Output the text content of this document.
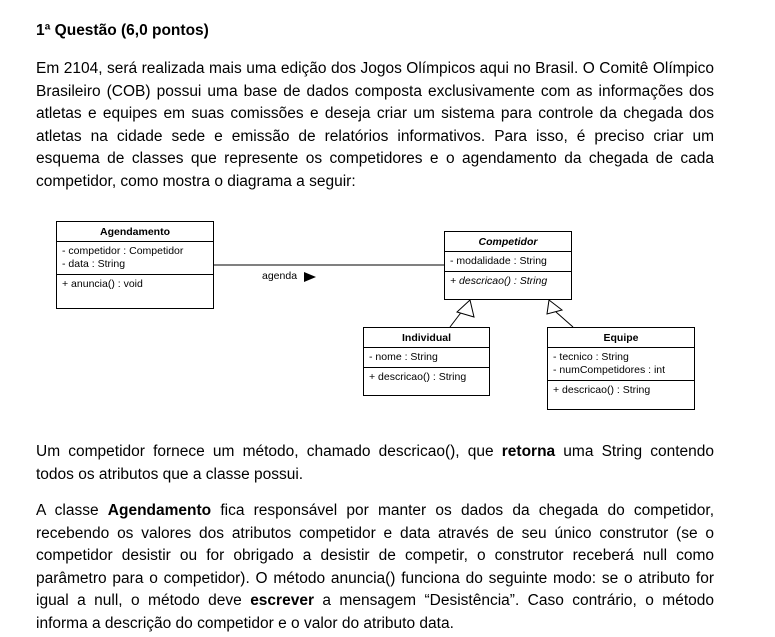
1ª Questão (6,0 pontos)
Em 2104, será realizada mais uma edição dos Jogos Olímpicos aqui no Brasil. O Comitê Olímpico Brasileiro (COB) possui uma base de dados composta exclusivamente com as informações dos atletas e equipes em suas comissões e deseja criar um sistema para controle da chegada dos atletas na cidade sede e emissão de relatórios informativos. Para isso, é preciso criar um esquema de classes que represente os competidores e o agendamento da chegada de cada competidor, como mostra o diagrama a seguir:
agenda
Agendamento
- competidor : Competidor
- data : String
+ anuncia() : void
Competidor
- modalidade : String
+ descricao() : String
Individual
- nome : String
+ descricao() : String
Equipe
- tecnico : String
- numCompetidores : int
+ descricao() : String
Um competidor fornece um método, chamado descricao(), que retorna uma String contendo todos os atributos que a classe possui.
A classe Agendamento fica responsável por manter os dados da chegada do competidor, recebendo os valores dos atributos competidor e data através de seu único construtor (se o competidor desistir ou for obrigado a desistir de competir, o construtor receberá null como parâmetro para o competidor). O método anuncia() funciona do seguinte modo: se o atributo for igual a null, o método deve escrever a mensagem “Desistência”. Caso contrário, o método informa a descrição do competidor e o valor do atributo data.
